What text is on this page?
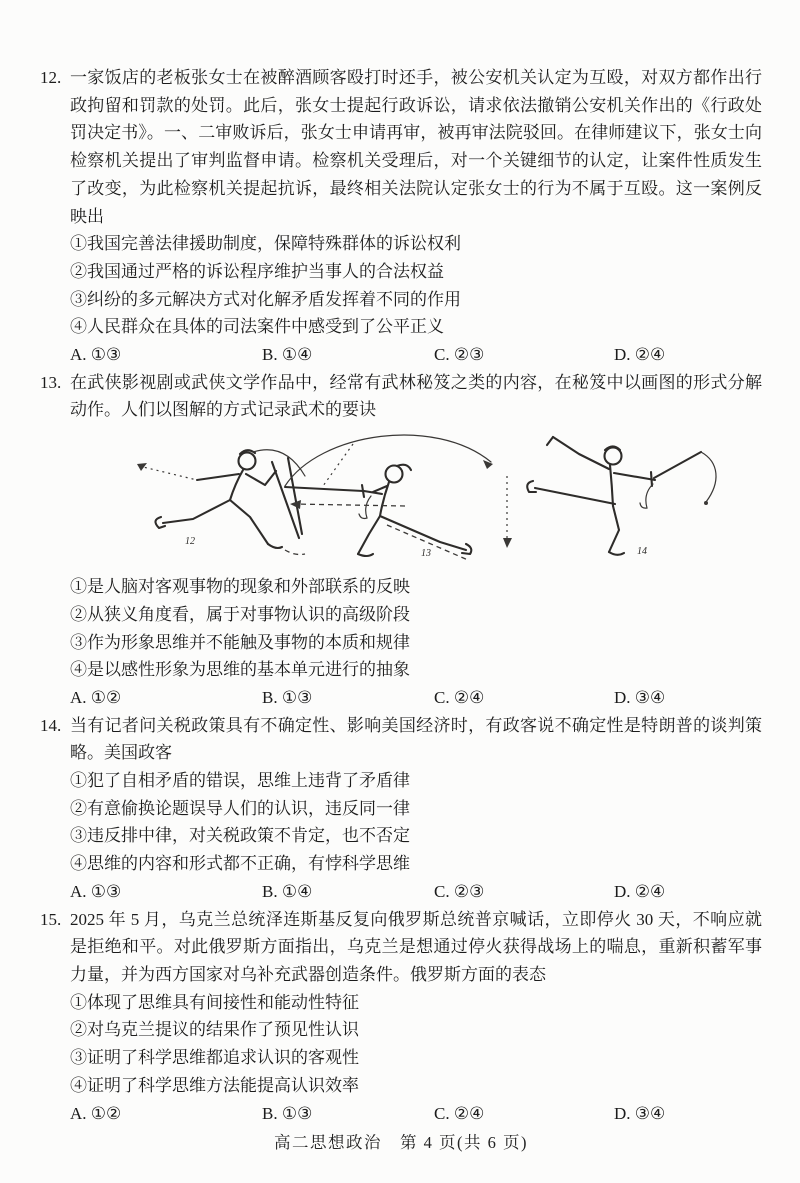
12. 一家饭店的老板张女士在被醉酒顾客殴打时还手，被公安机关认定为互殴，对双方都作出行政拘留和罚款的处罚。此后，张女士提起行政诉讼，请求依法撤销公安机关作出的《行政处罚决定书》。一、二审败诉后，张女士申请再审，被再审法院驳回。在律师建议下，张女士向检察机关提出了审判监督申请。检察机关受理后，对一个关键细节的认定，让案件性质发生了改变，为此检察机关提起抗诉，最终相关法院认定张女士的行为不属于互殴。这一案例反映出

①我国完善法律援助制度，保障特殊群体的诉讼权利
②我国通过严格的诉讼程序维护当事人的合法权益
③纠纷的多元解决方式对化解矛盾发挥着不同的作用
④人民群众在具体的司法案件中感受到了公平正义
A. ①③	B. ①④	C. ②③	D. ②④
13. 在武侠影视剧或武侠文学作品中，经常有武林秘笈之类的内容，在秘笈中以画图的形式分解动作。人们以图解的方式记录武术的要诀

12
13	14
①是人脑对客观事物的现象和外部联系的反映
②从狭义角度看，属于对事物认识的高级阶段
③作为形象思维并不能触及事物的本质和规律
④是以感性形象为思维的基本单元进行的抽象
A. ①②	B. ①③	C. ②④	D. ③④
14. 当有记者问关税政策具有不确定性、影响美国经济时，有政客说不确定性是特朗普的谈判策略。美国政客

①犯了自相矛盾的错误，思维上违背了矛盾律
②有意偷换论题误导人们的认识，违反同一律
③违反排中律，对关税政策不肯定，也不否定
④思维的内容和形式都不正确，有悖科学思维
A. ①③	B. ①④	C. ②③	D. ②④
15. 2025 年 5 月，乌克兰总统泽连斯基反复向俄罗斯总统普京喊话，立即停火 30 天，不响应就是拒绝和平。对此俄罗斯方面指出，乌克兰是想通过停火获得战场上的喘息，重新积蓄军事力量，并为西方国家对乌补充武器创造条件。俄罗斯方面的表态

①体现了思维具有间接性和能动性特征
②对乌克兰提议的结果作了预见性认识
③证明了科学思维都追求认识的客观性
④证明了科学思维方法能提高认识效率
A. ①②	B. ①③	C. ②④	D. ③④
高二思想政治　第 4 页(共 6 页)
